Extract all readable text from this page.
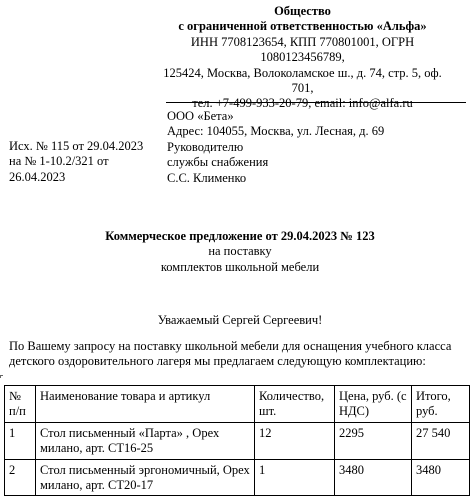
Общество
с ограниченной ответственностью «Альфа»
ИНН 7708123654, КПП 770801001, ОГРН
1080123456789,
125424, Москва, Волоколамское ш., д. 74, стр. 5, оф.
701,
тел. +7-499-933-20-79, email: info@alfa.ru
Исх. № 115 от 29.04.2023
на № 1-10.2/321 от
26.04.2023
ООО «Бета»
Адрес: 104055, Москва, ул. Лесная, д. 69
Руководителю
службы снабжения
С.С. Клименко
Коммерческое предложение от 29.04.2023 № 123
на поставку
комплектов школьной мебели
Уважаемый Сергей Сергеевич!
По Вашему запросу на поставку школьной мебели для оснащения учебного класса
детского оздоровительного лагеря мы предлагаем следующую комплектацию:
№ п/п	Наименование товара и артикул	Количество, шт.	Цена, руб. (с НДС)	Итого, руб.
1	Стол письменный «Парта» , Орех милано, арт. СТ16-25	12	2295	27 540
2	Стол письменный эргономичный, Орех милано, арт. СТ20-17	1	3480	3480
